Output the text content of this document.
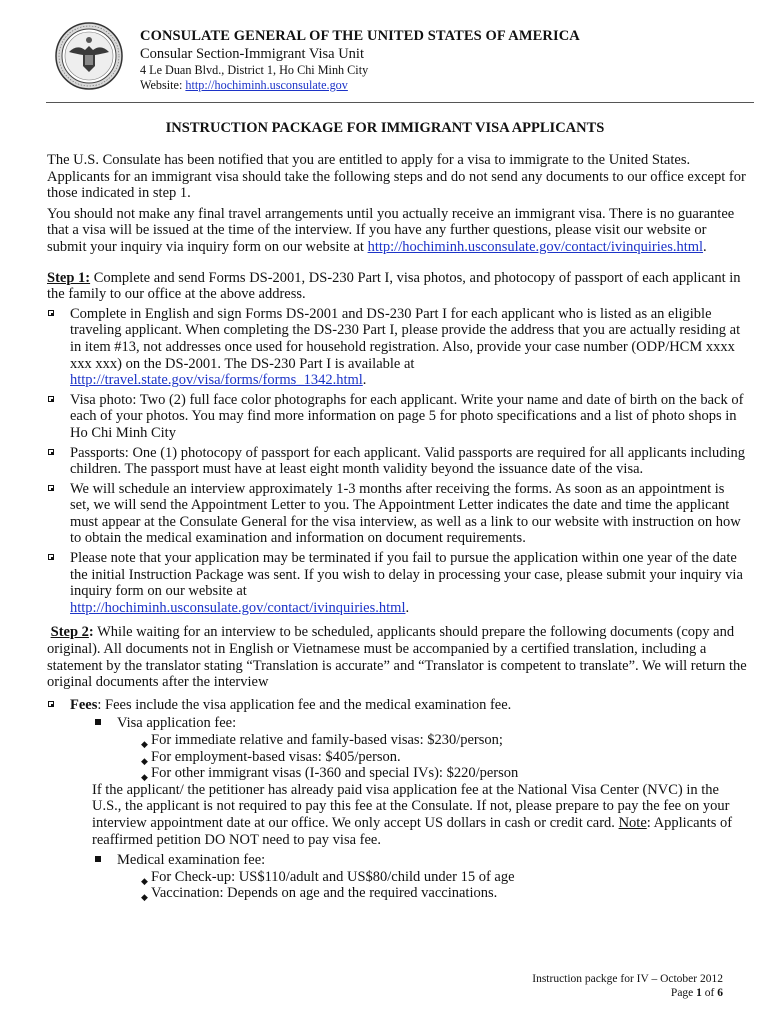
CONSULATE GENERAL OF THE UNITED STATES OF AMERICA
Consular Section-Immigrant Visa Unit
4 Le Duan Blvd., District 1, Ho Chi Minh City
Website: http://hochiminh.usconsulate.gov
INSTRUCTION PACKAGE FOR IMMIGRANT VISA APPLICANTS

The U.S. Consulate has been notified that you are entitled to apply for a visa to immigrate to the United States. Applicants for an immigrant visa should take the following steps and do not send any documents to our office except for those indicated in step 1.

You should not make any final travel arrangements until you actually receive an immigrant visa. There is no guarantee that a visa will be issued at the time of the interview. If you have any further questions, please visit our website or submit your inquiry via inquiry form on our website at http://hochiminh.usconsulate.gov/contact/ivinquiries.html.

Step 1: Complete and send Forms DS-2001, DS-230 Part I, visa photos, and photocopy of passport of each applicant in the family to our office at the above address.

Complete in English and sign Forms DS-2001 and DS-230 Part I for each applicant who is listed as an eligible traveling applicant. When completing the DS-230 Part I, please provide the address that you are actually residing at in item #13, not addresses once used for household registration. Also, provide your case number (ODP/HCM xxxx xxx xxx) on the DS-2001. The DS-230 Part I is available at
http://travel.state.gov/visa/forms/forms_1342.html.
Visa photo: Two (2) full face color photographs for each applicant. Write your name and date of birth on the back of each of your photos. You may find more information on page 5 for photo specifications and a list of photo shops in Ho Chi Minh City
Passports: One (1) photocopy of passport for each applicant. Valid passports are required for all applicants including children. The passport must have at least eight month validity beyond the issuance date of the visa.
We will schedule an interview approximately 1-3 months after receiving the forms. As soon as an appointment is set, we will send the Appointment Letter to you. The Appointment Letter indicates the date and time the applicant must appear at the Consulate General for the visa interview, as well as a link to our website with instruction on how to obtain the medical examination and information on document requirements.
Please note that your application may be terminated if you fail to pursue the application within one year of the date the initial Instruction Package was sent. If you wish to delay in processing your case, please submit your inquiry via inquiry form on our website at
http://hochiminh.usconsulate.gov/contact/ivinquiries.html.

Step 2: While waiting for an interview to be scheduled, applicants should prepare the following documents (copy and original). All documents not in English or Vietnamese must be accompanied by a certified translation, including a statement by the translator stating “Translation is accurate” and “Translator is competent to translate”. We will return the original documents after the interview

Fees: Fees include the visa application fee and the medical examination fee.
Visa application fee:
◆ For immediate relative and family-based visas: $230/person;
◆ For employment-based visas: $405/person.
◆ For other immigrant visas (I-360 and special IVs): $220/person

If the applicant/ the petitioner has already paid visa application fee at the National Visa Center (NVC) in the U.S., the applicant is not required to pay this fee at the Consulate. If not, please prepare to pay the fee on your interview appointment date at our office. We only accept US dollars in cash or credit card. Note: Applicants of reaffirmed petition DO NOT need to pay visa fee.

Medical examination fee:
◆ For Check-up: US$110/adult and US$80/child under 15 of age
◆ Vaccination: Depends on age and the required vaccinations.
Instruction packge for IV – October 2012
Page 1 of 6
